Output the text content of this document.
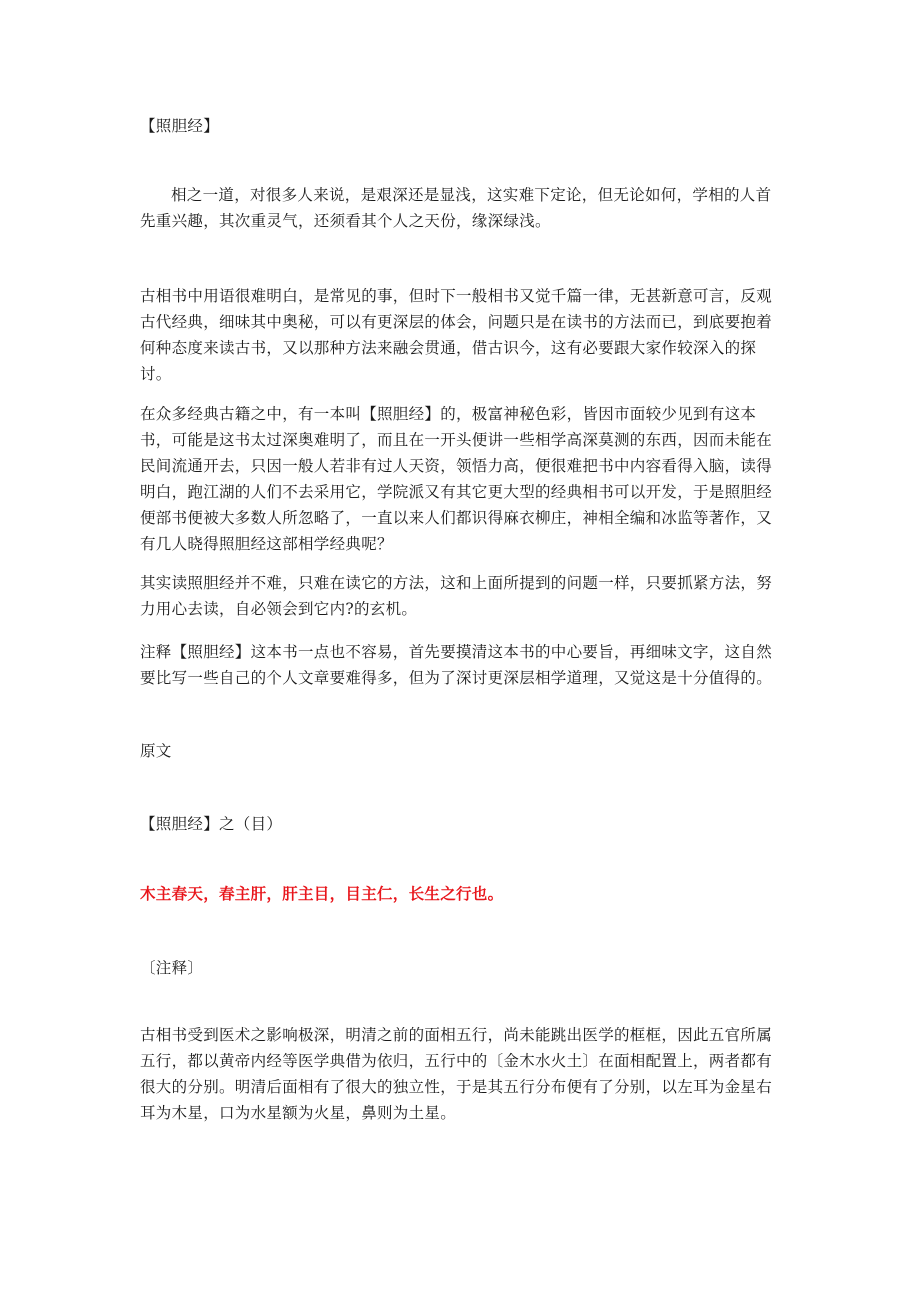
【照胆经】

相之一道，对很多人来说，是艰深还是显浅，这实难下定论，但无论如何，学相的人首先重兴趣，其次重灵气，还须看其个人之天份，缘深绿浅。

古相书中用语很难明白，是常见的事，但时下一般相书又觉千篇一律，无甚新意可言，反观古代经典，细味其中奥秘，可以有更深层的体会，问题只是在读书的方法而已，到底要抱着何种态度来读古书，又以那种方法来融会贯通，借古识今，这有必要跟大家作较深入的探讨。

在众多经典古籍之中，有一本叫【照胆经】的，极富神秘色彩，皆因市面较少见到有这本书，可能是这书太过深奥难明了，而且在一开头便讲一些相学高深莫测的东西，因而未能在民间流通开去，只因一般人若非有过人天资，领悟力高，便很难把书中内容看得入脑，读得明白，跑江湖的人们不去采用它，学院派又有其它更大型的经典相书可以开发，于是照胆经便部书便被大多数人所忽略了，一直以来人们都识得麻衣柳庄，神相全编和冰监等著作，又有几人晓得照胆经这部相学经典呢？

其实读照胆经并不难，只难在读它的方法，这和上面所提到的问题一样，只要抓紧方法，努力用心去读，自必领会到它内?的玄机。

注释【照胆经】这本书一点也不容易，首先要摸清这本书的中心要旨，再细味文字，这自然要比写一些自己的个人文章要难得多，但为了深讨更深层相学道理，又觉这是十分值得的。

原文

【照胆经】之（目）

木主春天，春主肝，肝主目，目主仁，长生之行也。

〔注释〕

古相书受到医术之影响极深，明清之前的面相五行，尚未能跳出医学的框框，因此五官所属五行，都以黄帝内经等医学典借为依归，五行中的〔金木水火土〕在面相配置上，两者都有很大的分别。明清后面相有了很大的独立性，于是其五行分布便有了分别，以左耳为金星右耳为木星，口为水星额为火星，鼻则为土星。
